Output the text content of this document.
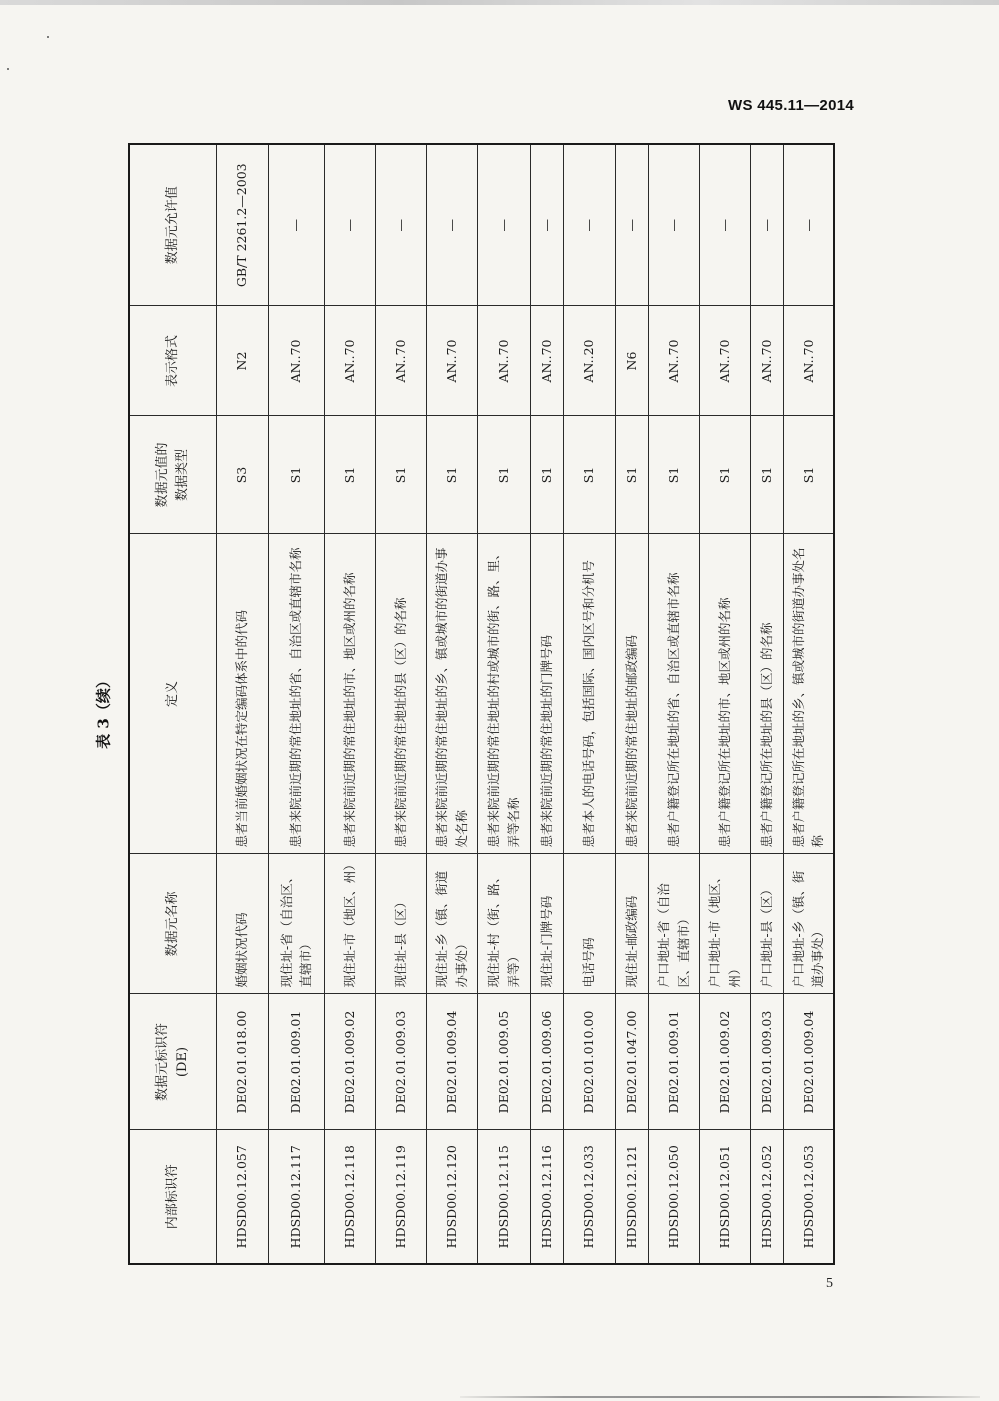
WS 445.11—2014
表 3（续）
内部标识符	数据元标识符 (DE)	数据元名称	定义	数据元值的 数据类型	表示格式	数据元允许值
HDSD00.12.057	DE02.01.018.00	婚姻状况代码	患者当前婚姻状况在特定编码体系中的代码	S3	N2	GB/T 2261.2—2003
HDSD00.12.117	DE02.01.009.01	现住址-省（自治区、直辖市）	患者来院前近期的常住地址的省、自治区或直辖市名称	S1	AN..70	—
HDSD00.12.118	DE02.01.009.02	现住址-市（地区、州）	患者来院前近期的常住地址的市、地区或州的名称	S1	AN..70	—
HDSD00.12.119	DE02.01.009.03	现住址-县（区）	患者来院前近期的常住地址的县（区）的名称	S1	AN..70	—
HDSD00.12.120	DE02.01.009.04	现住址-乡（镇、街道办事处）	患者来院前近期的常住地址的乡、镇或城市的街道办事处名称	S1	AN..70	—
HDSD00.12.115	DE02.01.009.05	现住址-村（街、路、弄等）	患者来院前近期的常住地址的村或城市的街、路、里、弄等名称	S1	AN..70	—
HDSD00.12.116	DE02.01.009.06	现住址-门牌号码	患者来院前近期的常住地址的门牌号码	S1	AN..70	—
HDSD00.12.033	DE02.01.010.00	电话号码	患者本人的电话号码，包括国际、国内区号和分机号	S1	AN..20	—
HDSD00.12.121	DE02.01.047.00	现住址-邮政编码	患者来院前近期的常住地址的邮政编码	S1	N6	—
HDSD00.12.050	DE02.01.009.01	户口地址-省（自治区、直辖市）	患者户籍登记所在地址的省、自治区或直辖市名称	S1	AN..70	—
HDSD00.12.051	DE02.01.009.02	户口地址-市（地区、州）	患者户籍登记所在地址的市、地区或州的名称	S1	AN..70	—
HDSD00.12.052	DE02.01.009.03	户口地址-县（区）	患者户籍登记所在地址的县（区）的名称	S1	AN..70	—
HDSD00.12.053	DE02.01.009.04	户口地址-乡（镇、街道办事处）	患者户籍登记所在地址的乡、镇或城市的街道办事处名称	S1	AN..70	—
5
